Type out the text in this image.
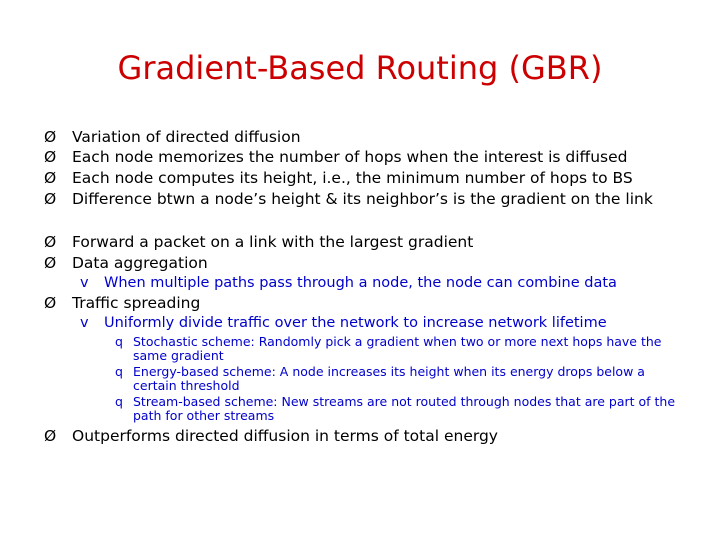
Gradient-Based Routing (GBR)
Ø	Variation of directed diffusion
Ø	Each node memorizes the number of hops when the interest is diffused
Ø	Each node computes its height, i.e., the minimum number of hops to BS
Ø	Difference btwn a node’s height & its neighbor’s is the gradient on the link
Ø	Forward a packet on a link with the largest gradient
Ø	Data aggregation
v	When multiple paths pass through a node, the node can combine data
Ø	Traffic spreading
v	Uniformly divide traffic over the network to increase network lifetime
q Stochastic scheme: Randomly pick a gradient when two or more next hops have the same gradient
q Energy-based scheme: A node increases its height when its energy drops below a certain threshold
q Stream-based scheme: New streams are not routed through nodes that are part of the path for other streams
Ø	Outperforms directed diffusion in terms of total energy
